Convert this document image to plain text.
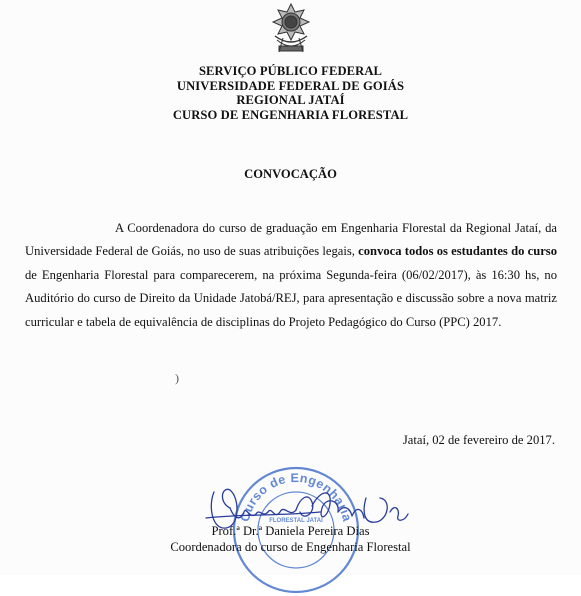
SERVIÇO PÚBLICO FEDERAL
UNIVERSIDADE FEDERAL DE GOIÁS
REGIONAL JATAÍ
CURSO DE ENGENHARIA FLORESTAL
CONVOCAÇÃO
A Coordenadora do curso de graduação em Engenharia Florestal da Regional Jataí, da Universidade Federal de Goiás, no uso de suas atribuições legais, convoca todos os estudantes do curso de Engenharia Florestal para comparecerem, na próxima Segunda-feira (06/02/2017), às 16:30 hs, no Auditório do curso de Direito da Unidade Jatobá/REJ, para apresentação e discussão sobre a nova matriz curricular e tabela de equivalência de disciplinas do Projeto Pedagógico do Curso (PPC) 2017.
)
Jataí, 02 de fevereiro de 2017.
Curso de Engenharia
FLORESTAL JATAÍ
Prof.ª Dr.ª Daniela Pereira Dias
Coordenadora do curso de Engenharia Florestal
